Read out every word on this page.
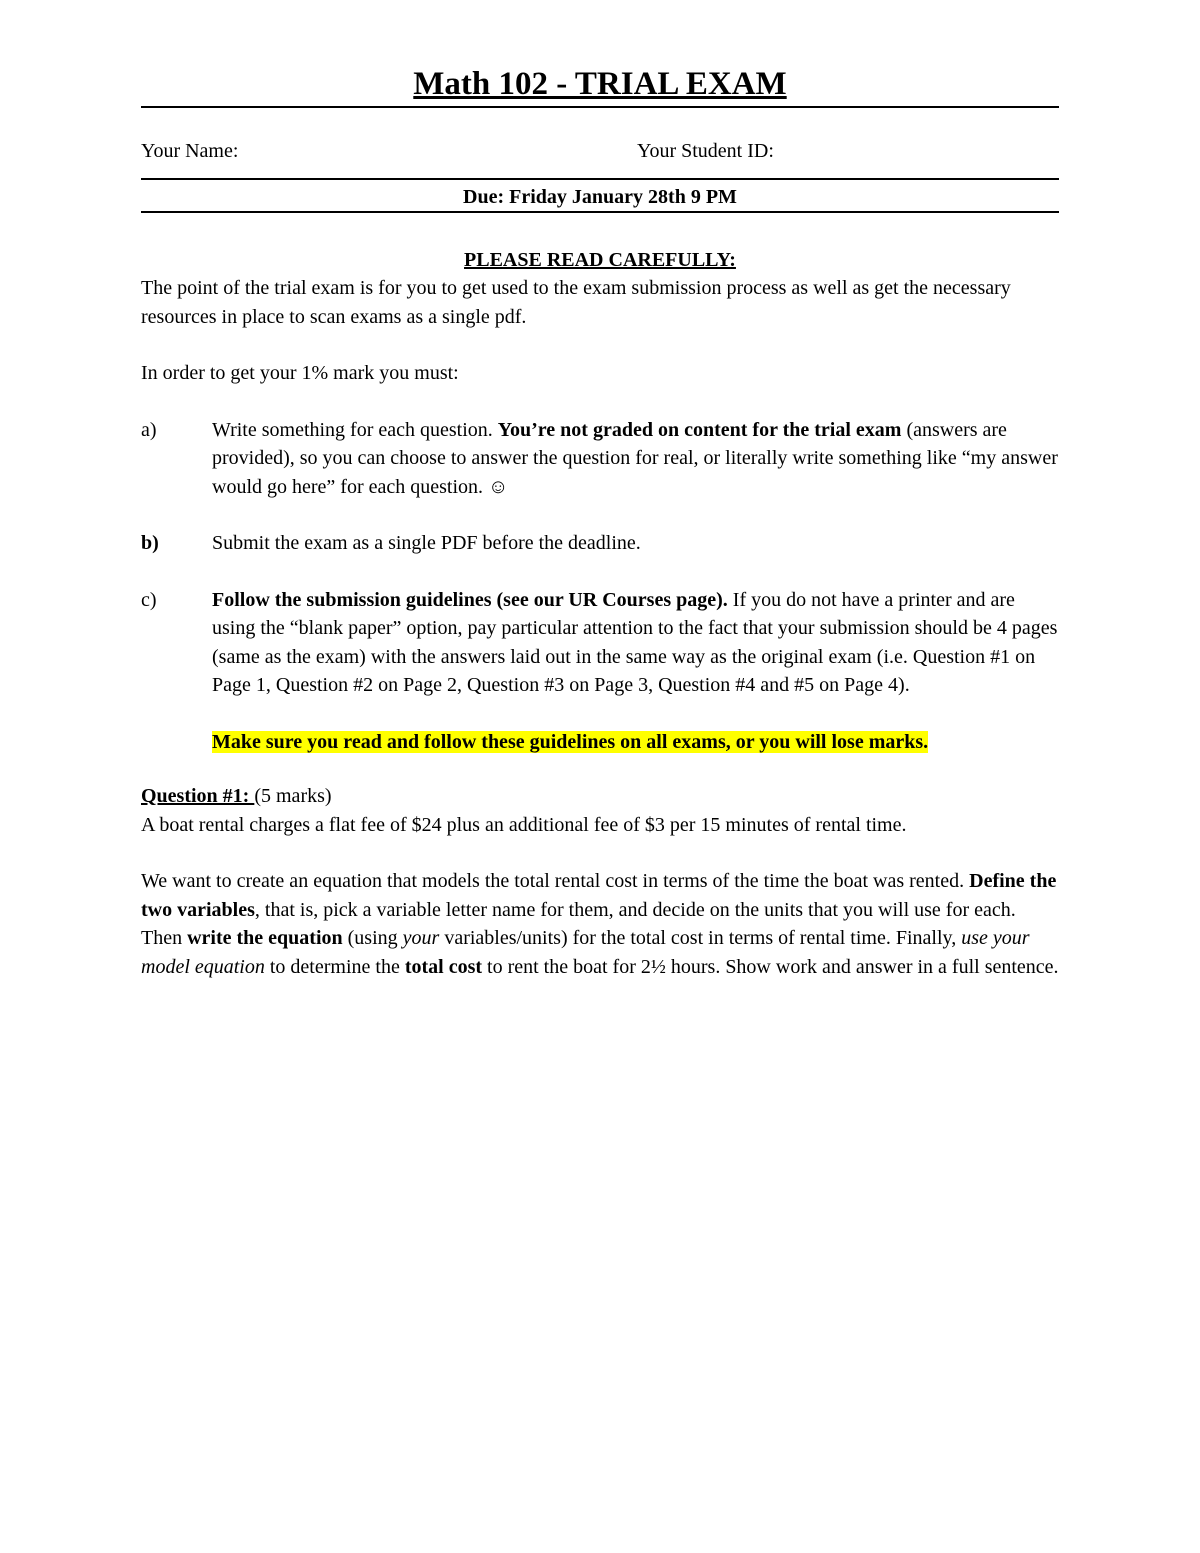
Math 102 - TRIAL EXAM
Your Name:	Your Student ID:
Due: Friday January 28th 9 PM
PLEASE READ CAREFULLY:

The point of the trial exam is for you to get used to the exam submission process as well as get the necessary resources in place to scan exams as a single pdf.

In order to get your 1% mark you must:

a)	Write something for each question. You’re not graded on content for the trial exam (answers are provided), so you can choose to answer the question for real, or literally write something like “my answer would go here” for each question. ☺
b)	Submit the exam as a single PDF before the deadline.
c)	Follow the submission guidelines (see our UR Courses page). If you do not have a printer and are using the “blank paper” option, pay particular attention to the fact that your submission should be 4 pages (same as the exam) with the answers laid out in the same way as the original exam (i.e. Question #1 on Page 1, Question #2 on Page 2, Question #3 on Page 3, Question #4 and #5 on Page 4).
Make sure you read and follow these guidelines on all exams, or you will lose marks.
Question #1: (5 marks)

A boat rental charges a flat fee of $24 plus an additional fee of $3 per 15 minutes of rental time.

We want to create an equation that models the total rental cost in terms of the time the boat was rented. Define the two variables, that is, pick a variable letter name for them, and decide on the units that you will use for each. Then write the equation (using your variables/units) for the total cost in terms of rental time. Finally, use your model equation to determine the total cost to rent the boat for 2½ hours. Show work and answer in a full sentence.
